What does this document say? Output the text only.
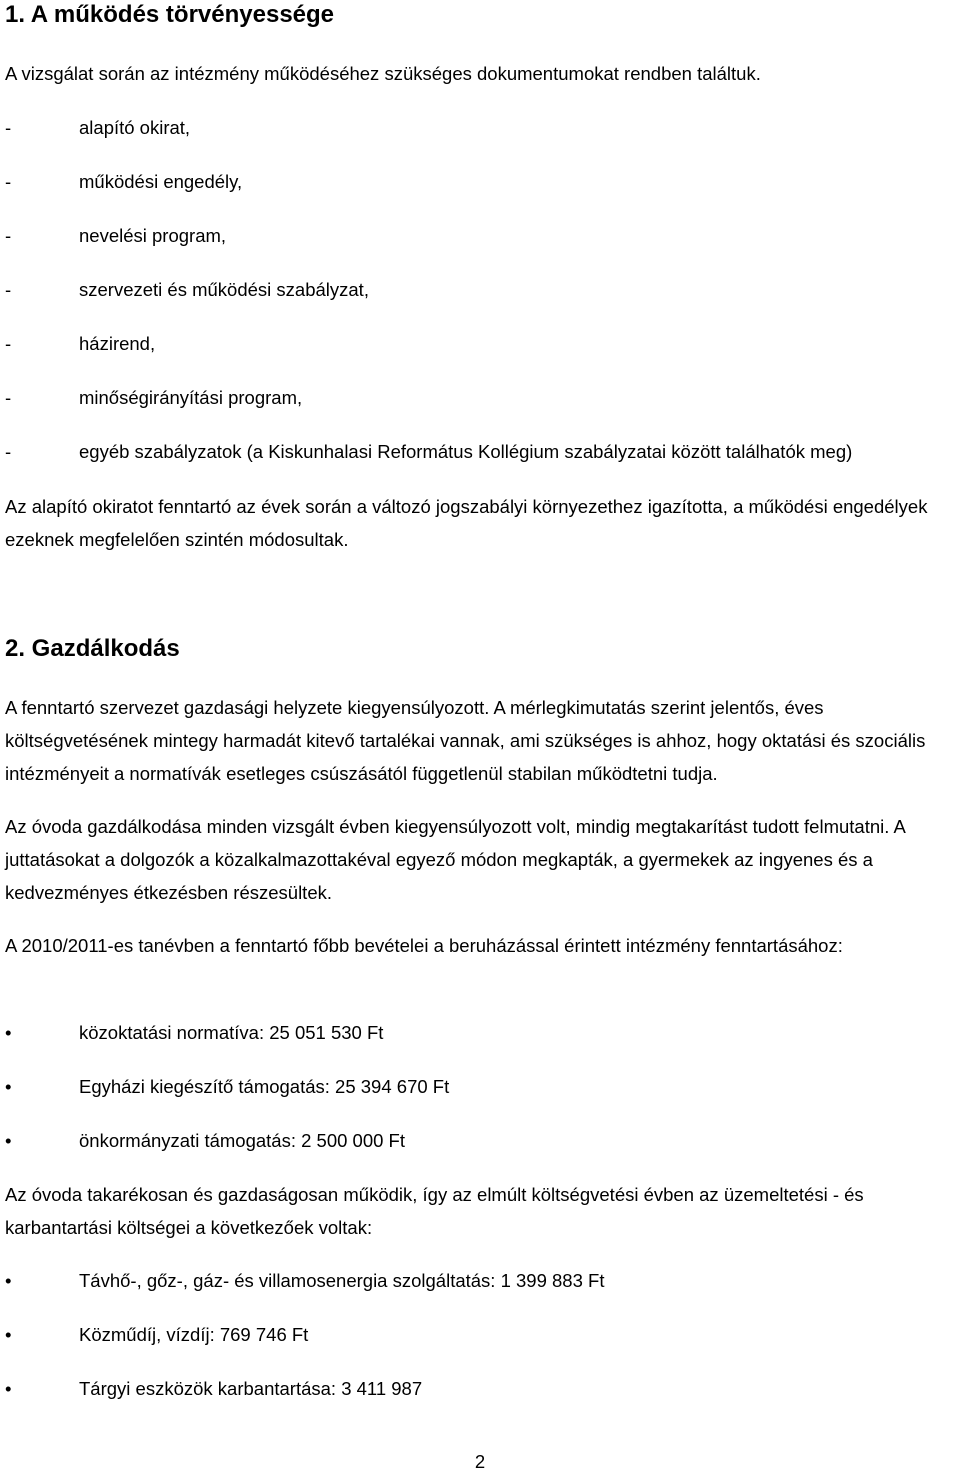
1. A működés törvényessége
A vizsgálat során az intézmény működéséhez szükséges dokumentumokat rendben találtuk.
-	alapító okirat,
-	működési engedély,
-	nevelési program,
-	szervezeti és működési szabályzat,
-	házirend,
-	minőségirányítási program,
-	egyéb szabályzatok (a Kiskunhalasi Református Kollégium szabályzatai között találhatók meg)
Az alapító okiratot fenntartó az évek során a változó jogszabályi környezethez igazította, a működési engedélyek ezeknek megfelelően szintén módosultak.
2. Gazdálkodás
A fenntartó szervezet gazdasági helyzete kiegyensúlyozott. A mérlegkimutatás szerint jelentős, éves költségvetésének mintegy harmadát kitevő tartalékai vannak, ami szükséges is ahhoz, hogy oktatási és szociális intézményeit a normatívák esetleges csúszásától függetlenül stabilan működtetni tudja.
Az óvoda gazdálkodása minden vizsgált évben kiegyensúlyozott volt, mindig megtakarítást tudott felmutatni. A juttatásokat a dolgozók a közalkalmazottakéval egyező módon megkapták, a gyermekek az ingyenes és a kedvezményes étkezésben részesültek.
A 2010/2011-es tanévben a fenntartó főbb bevételei a beruházással érintett intézmény fenntartásához:
•	közoktatási normatíva: 25 051 530 Ft
•	Egyházi kiegészítő támogatás: 25 394 670 Ft
•	önkormányzati támogatás: 2 500 000 Ft
Az óvoda takarékosan és gazdaságosan működik, így az elmúlt költségvetési évben az üzemeltetési - és karbantartási költségei a következőek voltak:
•	Távhő-, gőz-, gáz- és villamosenergia szolgáltatás: 1 399 883 Ft
•	Közműdíj, vízdíj: 769 746 Ft
•	Tárgyi eszközök karbantartása: 3 411 987
2
